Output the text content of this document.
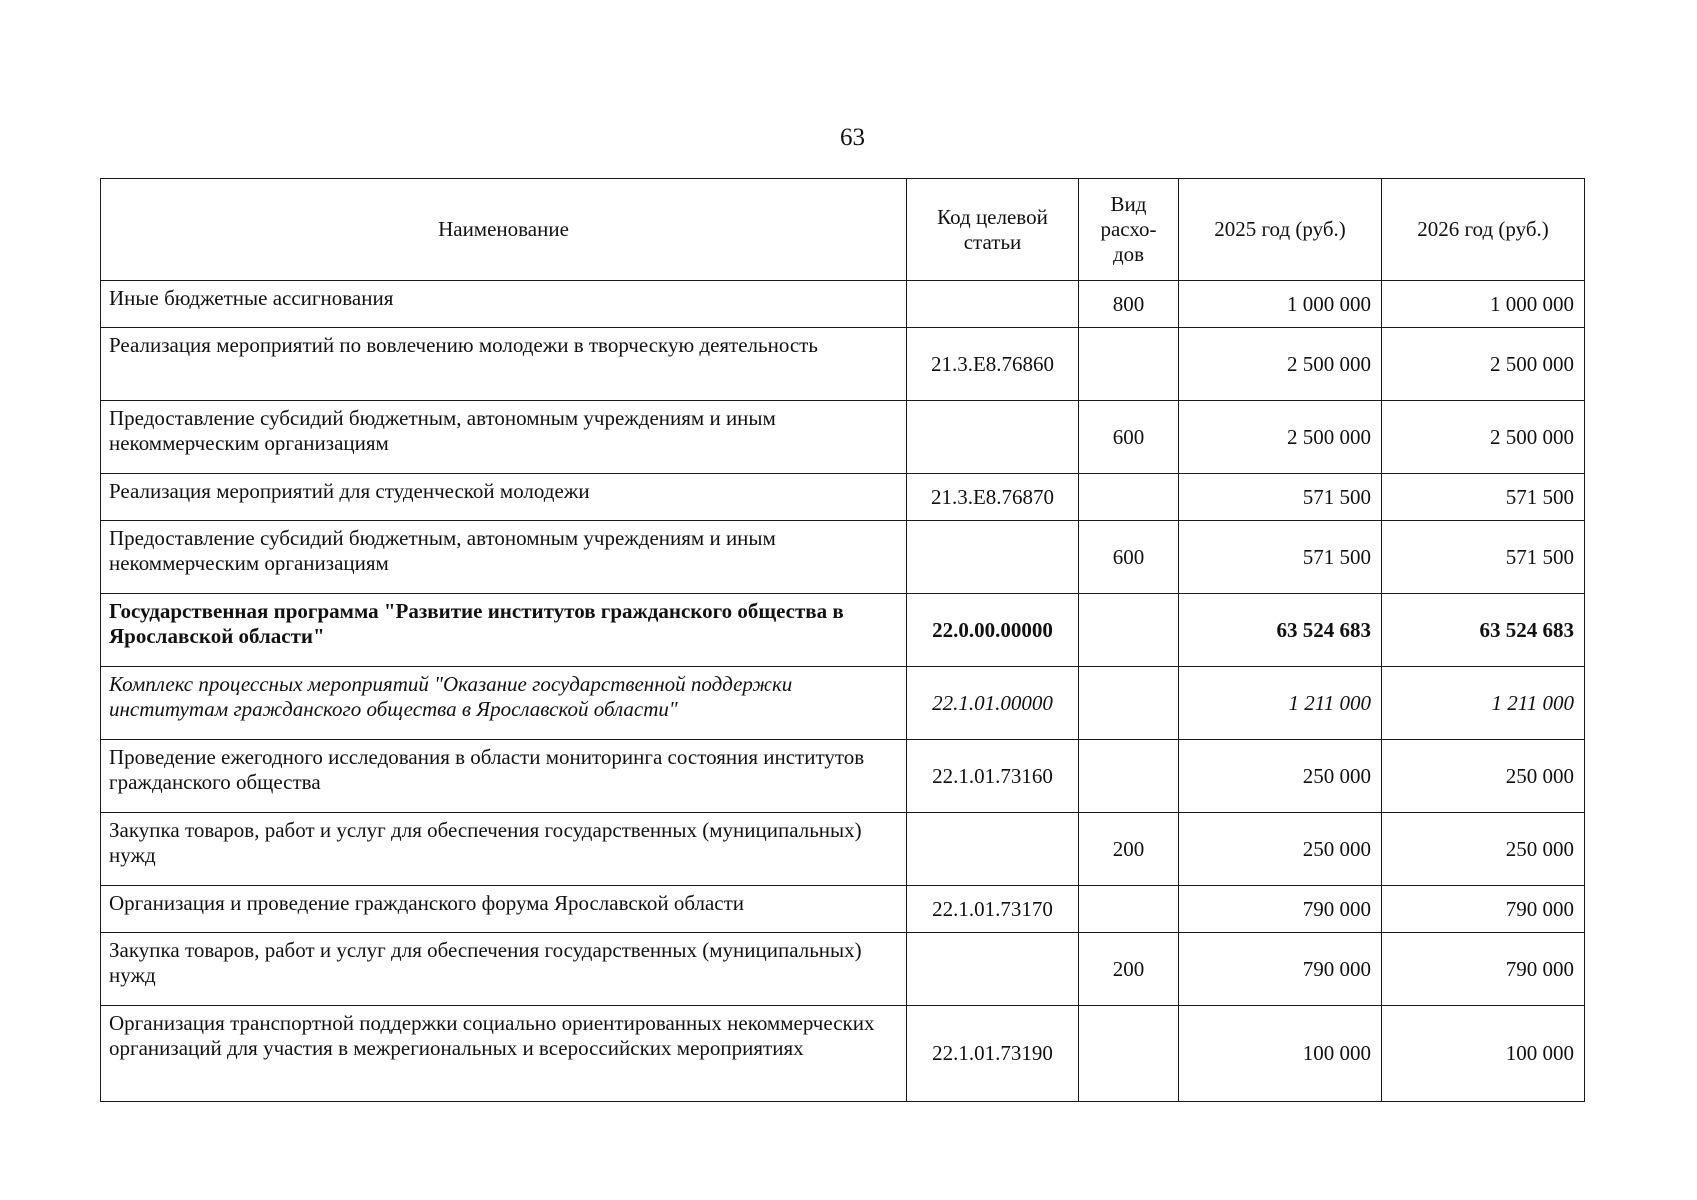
63
Наименование	Код целевой статьи	Вид расхо-дов	2025 год (руб.)	2026 год (руб.)
Иные бюджетные ассигнования		800	1 000 000	1 000 000
Реализация мероприятий по вовлечению молодежи в творческую деятельность	21.3.E8.76860		2 500 000	2 500 000
Предоставление субсидий бюджетным, автономным учреждениям и иным некоммерческим организациям		600	2 500 000	2 500 000
Реализация мероприятий для студенческой молодежи	21.3.E8.76870		571 500	571 500
Предоставление субсидий бюджетным, автономным учреждениям и иным некоммерческим организациям		600	571 500	571 500
Государственная программа "Развитие институтов гражданского общества в Ярославской области"	22.0.00.00000		63 524 683	63 524 683
Комплекс процессных мероприятий "Оказание государственной поддержки институтам гражданского общества в Ярославской области"	22.1.01.00000		1 211 000	1 211 000
Проведение ежегодного исследования в области мониторинга состояния институтов гражданского общества	22.1.01.73160		250 000	250 000
Закупка товаров, работ и услуг для обеспечения государственных (муниципальных) нужд		200	250 000	250 000
Организация и проведение гражданского форума Ярославской области	22.1.01.73170		790 000	790 000
Закупка товаров, работ и услуг для обеспечения государственных (муниципальных) нужд		200	790 000	790 000
Организация транспортной поддержки социально ориентированных некоммерческих организаций для участия в межрегиональных и всероссийских мероприятиях	22.1.01.73190		100 000	100 000
